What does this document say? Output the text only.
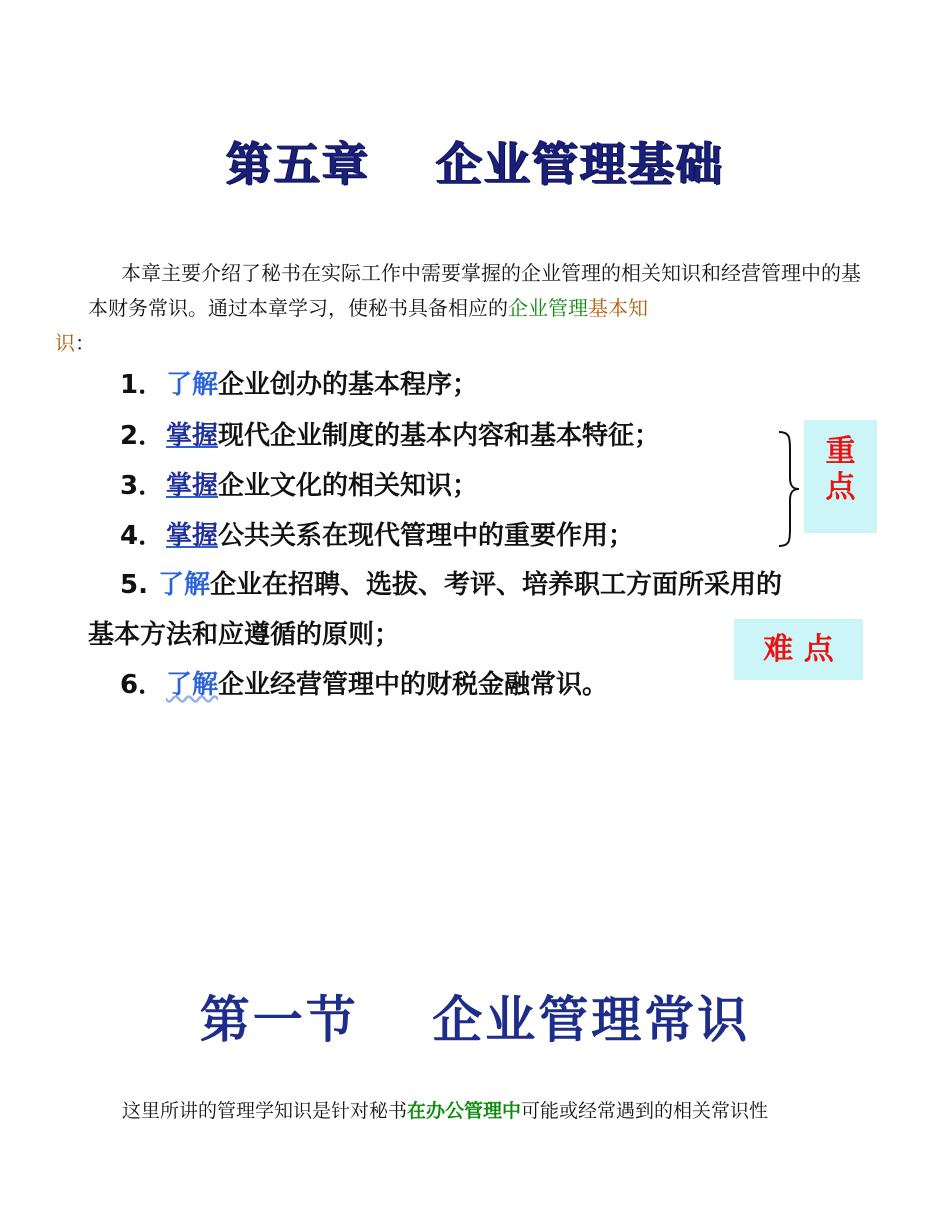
第五章　 企业管理基础

本章主要介绍了秘书在实际工作中需要掌握的企业管理的相关知识和经营管理中的基本财务常识。通过本章学习，使秘书具备相应的企业管理基本知
识：

1．了解企业创办的基本程序；

2．掌握现代企业制度的基本内容和基本特征；

3．掌握企业文化的相关知识；

4．掌握公共关系在现代管理中的重要作用；

5. 了解企业在招聘、选拔、考评、培养职工方面所采用的

基本方法和应遵循的原则；

6．了解企业经营管理中的财税金融常识。

重
点
难 点
第一节　 企业管理常识

这里所讲的管理学知识是针对秘书在办公管理中可能或经常遇到的相关常识性
